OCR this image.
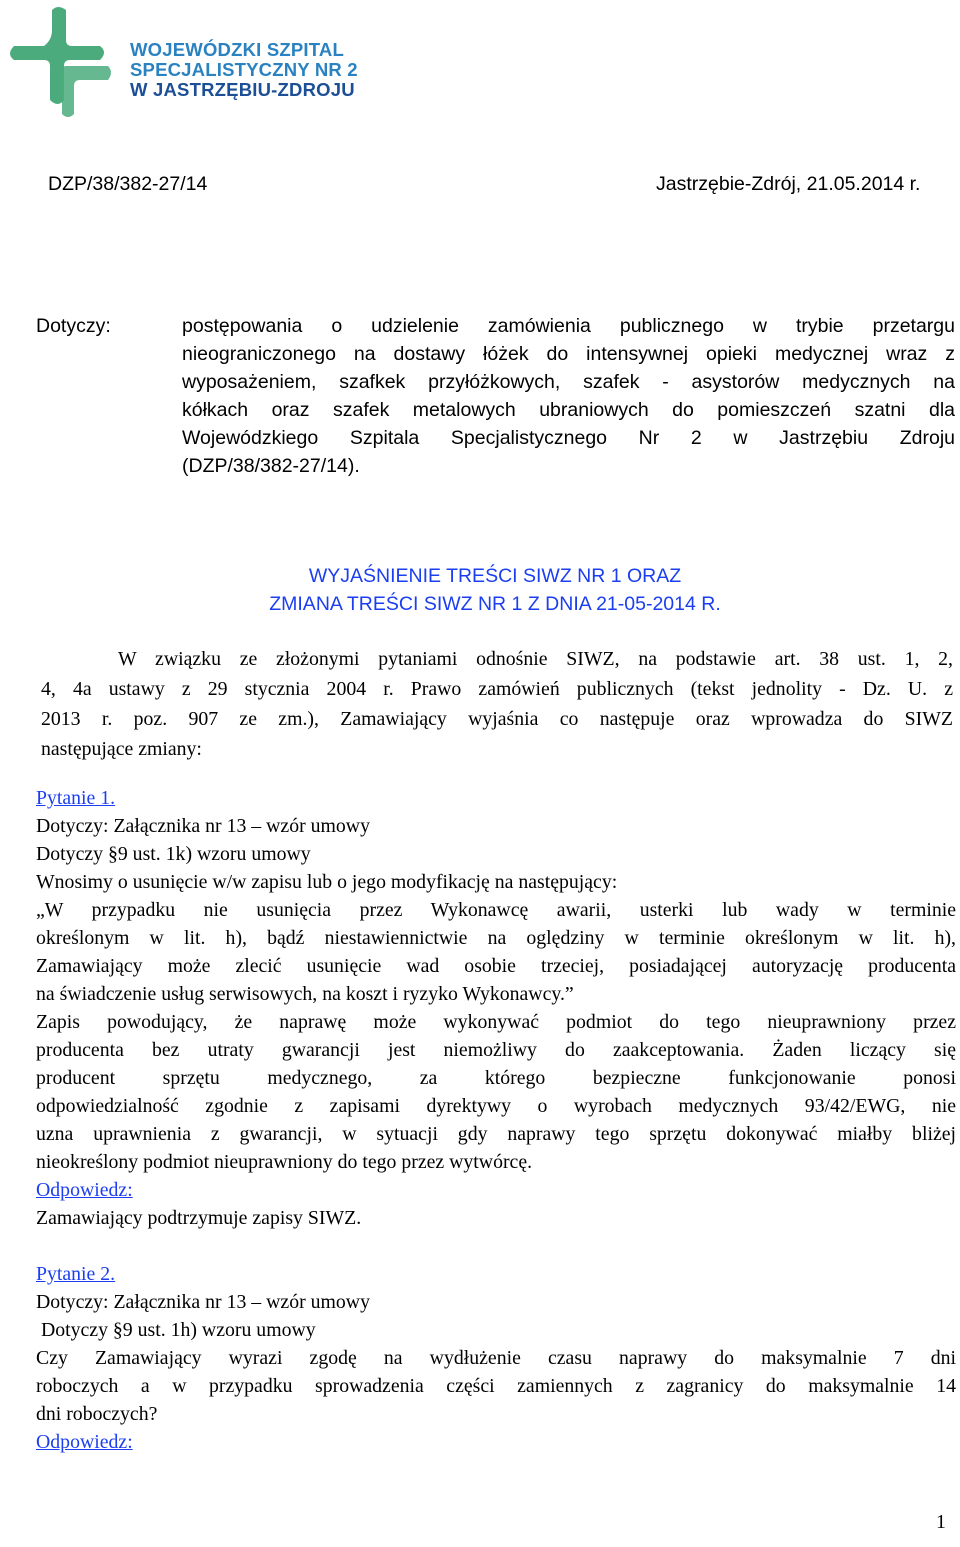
WOJEWÓDZKI SZPITAL
SPECJALISTYCZNY NR 2
W JASTRZĘBIU-ZDROJU
DZP/38/382-27/14	Jastrzębie-Zdrój, 21.05.2014 r.
Dotyczy:	postępowania o udzielenie zamówienia publicznego w trybie przetargu
nieograniczonego na dostawy łóżek do intensywnej opieki medycznej wraz z
wyposażeniem, szafkek przyłóżkowych, szafek - asystorów medycznych na
kółkach oraz szafek metalowych ubraniowych do pomieszczeń szatni dla
Wojewódzkiego Szpitala Specjalistycznego Nr 2 w Jastrzębiu Zdroju
(DZP/38/382-27/14).
WYJAŚNIENIE TREŚCI SIWZ NR 1 ORAZ
ZMIANA TREŚCI SIWZ NR 1 Z DNIA 21-05-2014 R.
W związku ze złożonymi pytaniami odnośnie SIWZ, na podstawie art. 38 ust. 1, 2,
4, 4a ustawy z 29 stycznia 2004 r. Prawo zamówień publicznych (tekst jednolity - Dz. U. z
2013 r. poz. 907 ze zm.), Zamawiający wyjaśnia co następuje oraz wprowadza do SIWZ
następujące zmiany:
Pytanie 1.
Dotyczy: Załącznika nr 13 – wzór umowy
Dotyczy §9 ust. 1k) wzoru umowy
Wnosimy o usunięcie w/w zapisu lub o jego modyfikację na następujący:
„W przypadku nie usunięcia przez Wykonawcę awarii, usterki lub wady w terminie
określonym w lit. h), bądź niestawiennictwie na oględziny w terminie określonym w lit. h),
Zamawiający może zlecić usunięcie wad osobie trzeciej, posiadającej autoryzację producenta
na świadczenie usług serwisowych, na koszt i ryzyko Wykonawcy.”
Zapis powodujący, że naprawę może wykonywać podmiot do tego nieuprawniony przez
producenta bez utraty gwarancji jest niemożliwy do zaakceptowania. Żaden liczący się
producent sprzętu medycznego, za którego bezpieczne funkcjonowanie ponosi
odpowiedzialność zgodnie z zapisami dyrektywy o wyrobach medycznych 93/42/EWG, nie
uzna uprawnienia z gwarancji, w sytuacji gdy naprawy tego sprzętu dokonywać miałby bliżej
nieokreślony podmiot nieuprawniony do tego przez wytwórcę.
Odpowiedz:
Zamawiający podtrzymuje zapisy SIWZ.
Pytanie 2.
Dotyczy: Załącznika nr 13 – wzór umowy
Dotyczy §9 ust. 1h) wzoru umowy
Czy Zamawiający wyrazi zgodę na wydłużenie czasu naprawy do maksymalnie 7 dni
roboczych a w przypadku sprowadzenia części zamiennych z zagranicy do maksymalnie 14
dni roboczych?
Odpowiedz:
1
